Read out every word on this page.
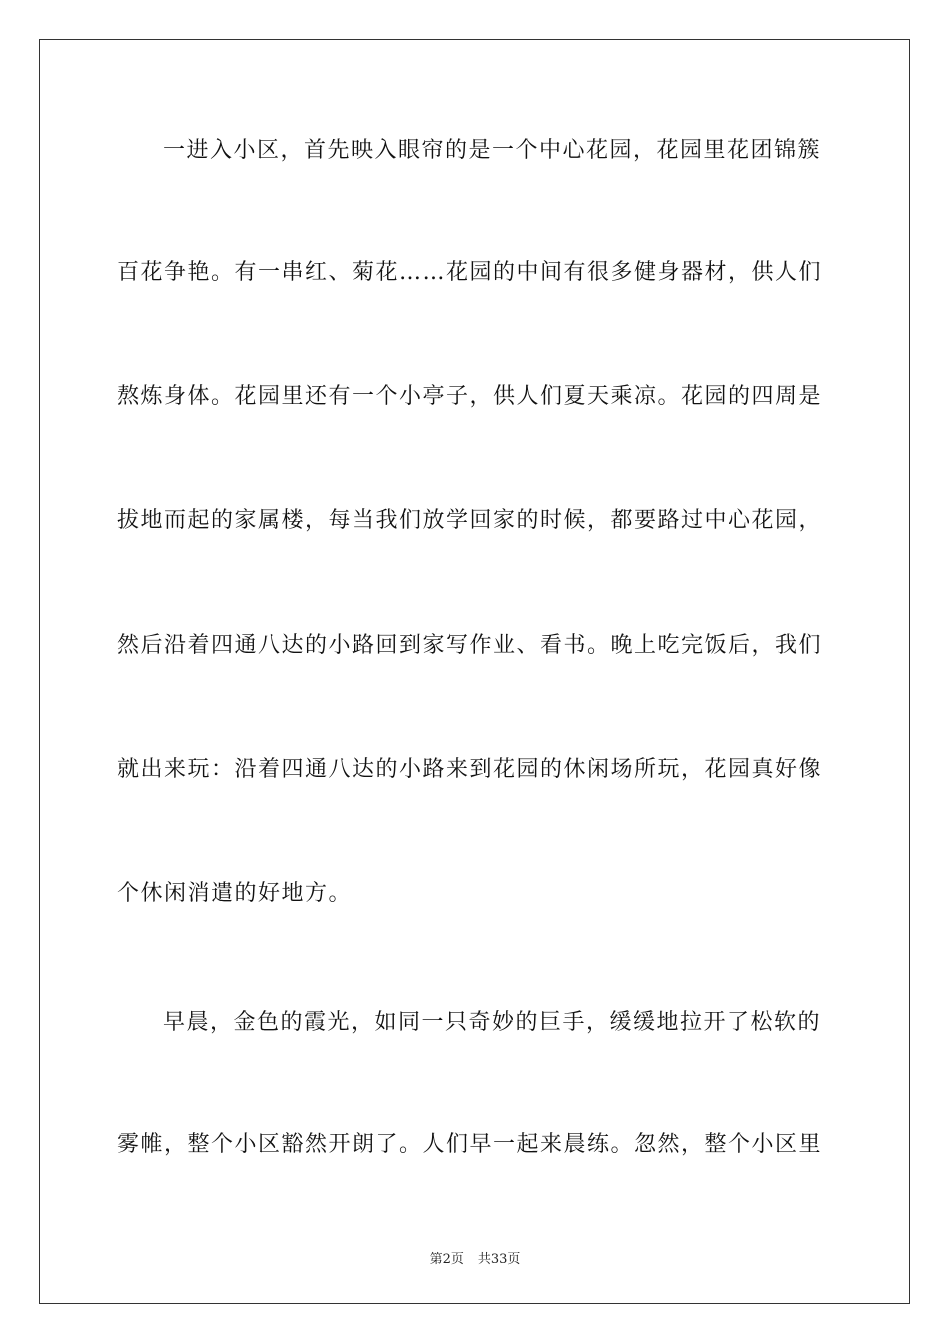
一进入小区，首先映入眼帘的是一个中心花园，花园里花团锦簇
百花争艳。有一串红、菊花……花园的中间有很多健身器材，供人们
熬炼身体。花园里还有一个小亭子，供人们夏天乘凉。花园的四周是
拔地而起的家属楼，每当我们放学回家的时候，都要路过中心花园，
然后沿着四通八达的小路回到家写作业、看书。晚上吃完饭后，我们
就出来玩：沿着四通八达的小路来到花园的休闲场所玩，花园真好像
个休闲消遣的好地方。
早晨，金色的霞光，如同一只奇妙的巨手，缓缓地拉开了松软的
雾帷，整个小区豁然开朗了。人们早一起来晨练。忽然，整个小区里
第2页 共33页
